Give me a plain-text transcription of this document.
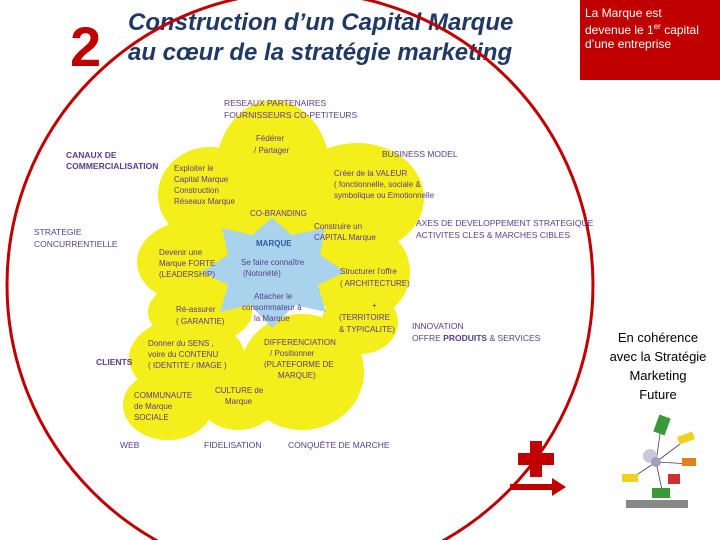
2 Construction d’un Capital Marque
au cœur de la stratégie marketing
La Marque est
devenue le 1er capital
d’une entreprise
RESEAUX PARTENAIRES
FOURNISSEURS CO-PETITEURS
CANAUX DE
COMMERCIALISATION
BUSINESS MODEL
STRATEGIE
CONCURRENTIELLE
AXES DE DEVELOPPEMENT STRATEGIQUE
ACTIVITES CLES & MARCHES CIBLES
INNOVATION
OFFRE PRODUITS & SERVICES
CLIENTS
WEB	FIDELISATION	CONQUÊTE DE MARCHE
Fédérer
/ Partager
Exploiter le
Capital Marque
Construction
Réseaux Marque
CO-BRANDING
Créer de la VALEUR
( fonctionnelle, sociale &
symbolique ou Emotionnelle
Construire un
CAPITAL Marque
Devenir une
Marque FORTE
(LEADERSHIP)	Structurer l’offre
( ARCHITECTURE)
+
(TERRITOIRE
& TYPICALITE)
Ré-assurer
( GARANTIE)
Donner du SENS ,
voire du CONTENU
( IDENTITE / IMAGE )
DIFFERENCIATION
/ Positionner
(PLATEFORME DE
MARQUE)
CULTURE de
Marque
COMMUNAUTE
de Marque
SOCIALE
MARQUE
Se faire connaître
(Notoriété)
Attacher le
consommateur à
la Marque
En cohérence
avec la Stratégie
Marketing
Future
